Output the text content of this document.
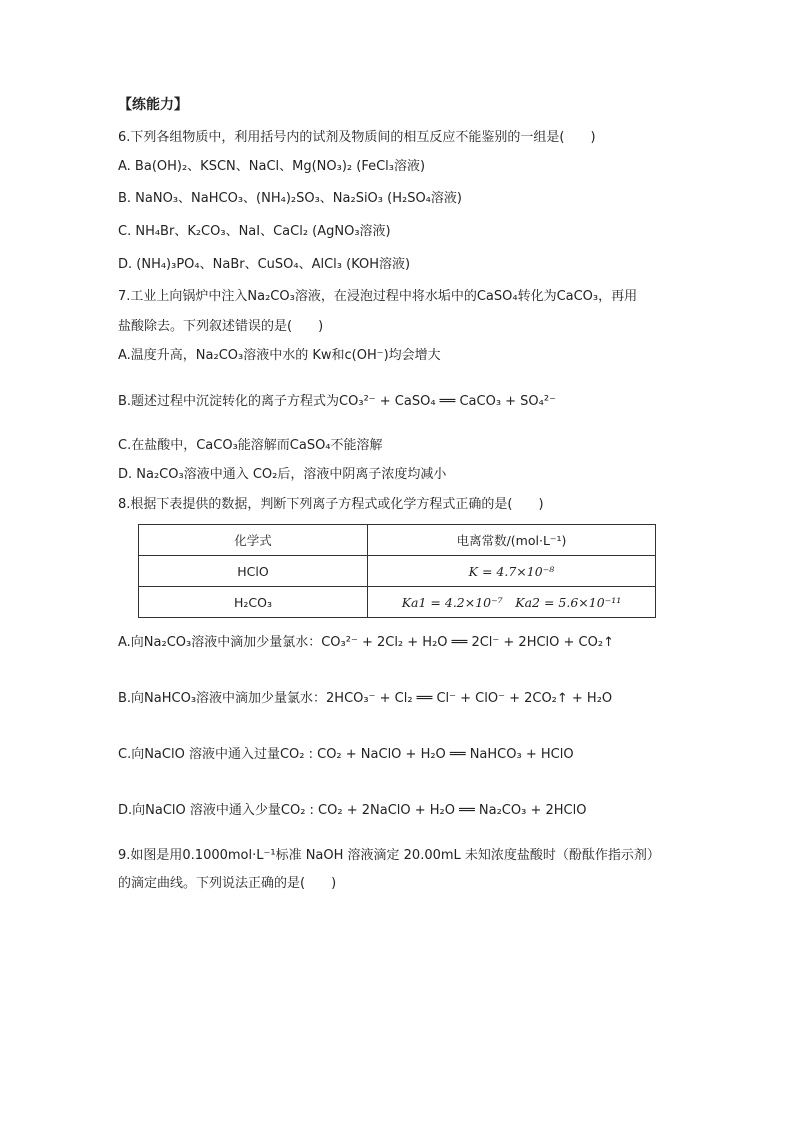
【练能力】
6.下列各组物质中，利用括号内的试剂及物质间的相互反应不能鉴别的一组是(　　)
A. Ba(OH)₂、KSCN、NaCl、Mg(NO₃)₂ (FeCl₃溶液)
B. NaNO₃、NaHCO₃、(NH₄)₂SO₃、Na₂SiO₃ (H₂SO₄溶液)
C. NH₄Br、K₂CO₃、NaI、CaCl₂ (AgNO₃溶液)
D. (NH₄)₃PO₄、NaBr、CuSO₄、AlCl₃ (KOH溶液)
7.工业上向锅炉中注入Na₂CO₃溶液，在浸泡过程中将水垢中的CaSO₄转化为CaCO₃，再用
盐酸除去。下列叙述错误的是(　　)
A.温度升高，Na₂CO₃溶液中水的 Kw和c(OH⁻)均会增大
B.题述过程中沉淀转化的离子方程式为CO₃²⁻ + CaSO₄ ══ CaCO₃ + SO₄²⁻
C.在盐酸中，CaCO₃能溶解而CaSO₄不能溶解
D. Na₂CO₃溶液中通入 CO₂后，溶液中阴离子浓度均减小
8.根据下表提供的数据，判断下列离子方程式或化学方程式正确的是(　　)
化学式	电离常数/(mol·L⁻¹)
HClO	K = 4.7×10⁻⁸
H₂CO₃	Ka1 = 4.2×10⁻⁷　Ka2 = 5.6×10⁻¹¹
A.向Na₂CO₃溶液中滴加少量氯水：CO₃²⁻ + 2Cl₂ + H₂O ══ 2Cl⁻ + 2HClO + CO₂↑
B.向NaHCO₃溶液中滴加少量氯水：2HCO₃⁻ + Cl₂ ══ Cl⁻ + ClO⁻ + 2CO₂↑ + H₂O
C.向NaClO 溶液中通入过量CO₂ : CO₂ + NaClO + H₂O ══ NaHCO₃ + HClO
D.向NaClO 溶液中通入少量CO₂ : CO₂ + 2NaClO + H₂O ══ Na₂CO₃ + 2HClO
9.如图是用0.1000mol·L⁻¹标准 NaOH 溶液滴定 20.00mL 未知浓度盐酸时（酚酞作指示剂）
的滴定曲线。下列说法正确的是(　　)
